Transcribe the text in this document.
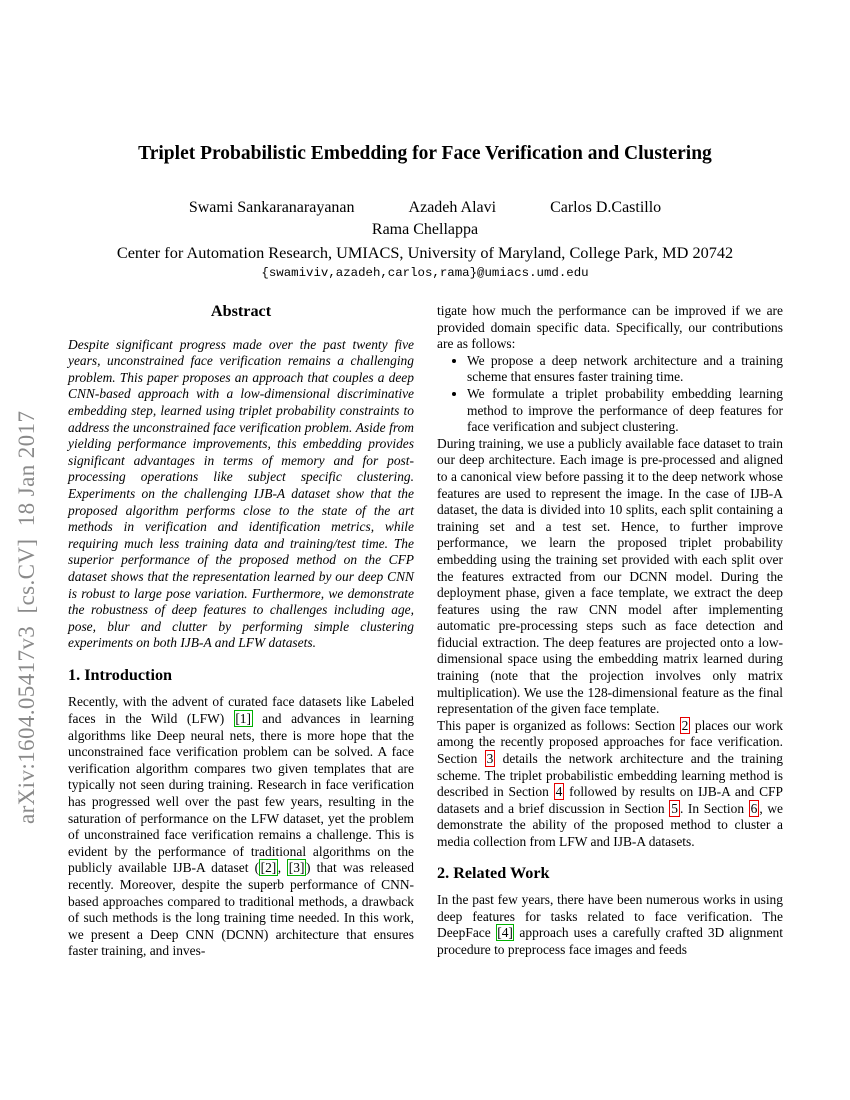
arXiv:1604.05417v3  [cs.CV]  18 Jan 2017
Triplet Probabilistic Embedding for Face Verification and Clustering
Swami Sankaranarayanan	Azadeh Alavi	Carlos D.Castillo
Rama Chellappa
Center for Automation Research, UMIACS, University of Maryland, College Park, MD 20742
{swamiviv,azadeh,carlos,rama}@umiacs.umd.edu
Abstract

Despite significant progress made over the past twenty five years, unconstrained face verification remains a challenging problem. This paper proposes an approach that couples a deep CNN-based approach with a low-dimensional discriminative embedding step, learned using triplet probability constraints to address the unconstrained face verification problem. Aside from yielding performance improvements, this embedding provides significant advantages in terms of memory and for post-processing operations like subject specific clustering. Experiments on the challenging IJB-A dataset show that the proposed algorithm performs close to the state of the art methods in verification and identification metrics, while requiring much less training data and training/test time. The superior performance of the proposed method on the CFP dataset shows that the representation learned by our deep CNN is robust to large pose variation. Furthermore, we demonstrate the robustness of deep features to challenges including age, pose, blur and clutter by performing simple clustering experiments on both IJB-A and LFW datasets.

1. Introduction

Recently, with the advent of curated face datasets like Labeled faces in the Wild (LFW) [1] and advances in learning algorithms like Deep neural nets, there is more hope that the unconstrained face verification problem can be solved. A face verification algorithm compares two given templates that are typically not seen during training. Research in face verification has progressed well over the past few years, resulting in the saturation of performance on the LFW dataset, yet the problem of unconstrained face verification remains a challenge. This is evident by the performance of traditional algorithms on the publicly available IJB-A dataset ( [2] , [3] ) that was released recently. Moreover, despite the superb performance of CNN-based approaches compared to traditional methods, a drawback of such methods is the long training time needed. In this work, we present a Deep CNN (DCNN) architecture that ensures faster training, and inves-

tigate how much the performance can be improved if we are provided domain specific data. Specifically, our contributions are as follows:

• We propose a deep network architecture and a training scheme that ensures faster training time.
• We formulate a triplet probability embedding learning method to improve the performance of deep features for face verification and subject clustering.

During training, we use a publicly available face dataset to train our deep architecture. Each image is pre-processed and aligned to a canonical view before passing it to the deep network whose features are used to represent the image. In the case of IJB-A dataset, the data is divided into 10 splits, each split containing a training set and a test set. Hence, to further improve performance, we learn the proposed triplet probability embedding using the training set provided with each split over the features extracted from our DCNN model. During the deployment phase, given a face template, we extract the deep features using the raw CNN model after implementing automatic pre-processing steps such as face detection and fiducial extraction. The deep features are projected onto a low-dimensional space using the embedding matrix learned during training (note that the projection involves only matrix multiplication). We use the 128-dimensional feature as the final representation of the given face template.

This paper is organized as follows: Section 2 places our work among the recently proposed approaches for face verification. Section 3 details the network architecture and the training scheme. The triplet probabilistic embedding learning method is described in Section 4 followed by results on IJB-A and CFP datasets and a brief discussion in Section 5 . In Section 6 , we demonstrate the ability of the proposed method to cluster a media collection from LFW and IJB-A datasets.

2. Related Work

In the past few years, there have been numerous works in using deep features for tasks related to face verification. The DeepFace [4] approach uses a carefully crafted 3D alignment procedure to preprocess face images and feeds
